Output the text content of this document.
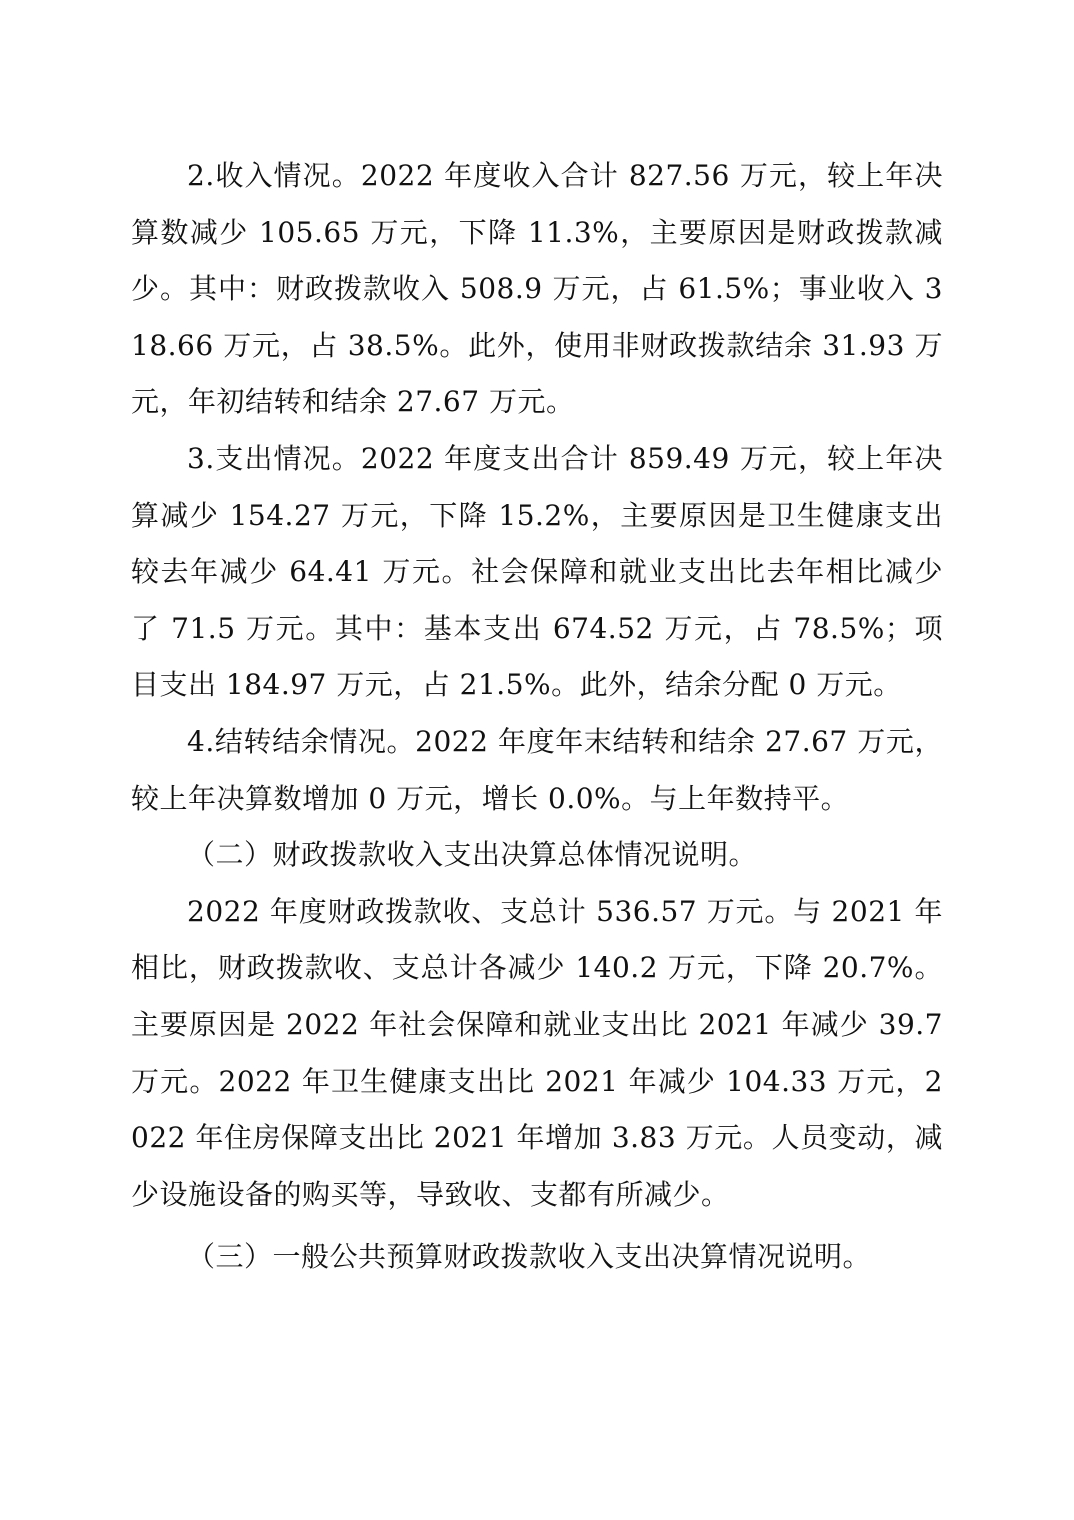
2.收入情况。2022 年度收入合计 827.56 万元，较上年决算数减少 105.65 万元，下降 11.3%，主要原因是财政拨款减少。其中：财政拨款收入 508.9 万元，占 61.5%；事业收入 318.66 万元，占 38.5%。此外，使用非财政拨款结余 31.93 万元，年初结转和结余 27.67 万元。

3.支出情况。2022 年度支出合计 859.49 万元，较上年决算减少 154.27 万元，下降 15.2%，主要原因是卫生健康支出较去年减少 64.41 万元。社会保障和就业支出比去年相比减少了 71.5 万元。其中：基本支出 674.52 万元，占 78.5%；项目支出 184.97 万元，占 21.5%。此外，结余分配 0 万元。

4.结转结余情况。2022 年度年末结转和结余 27.67 万元，较上年决算数增加 0 万元，增长 0.0%。与上年数持平。

（二）财政拨款收入支出决算总体情况说明。

2022 年度财政拨款收、支总计 536.57 万元。与 2021 年相比，财政拨款收、支总计各减少 140.2 万元，下降 20.7%。主要原因是 2022 年社会保障和就业支出比 2021 年减少 39.7 万元。2022 年卫生健康支出比 2021 年减少 104.33 万元，2022 年住房保障支出比 2021 年增加 3.83 万元。人员变动，减少设施设备的购买等，导致收、支都有所减少。

（三）一般公共预算财政拨款收入支出决算情况说明。
